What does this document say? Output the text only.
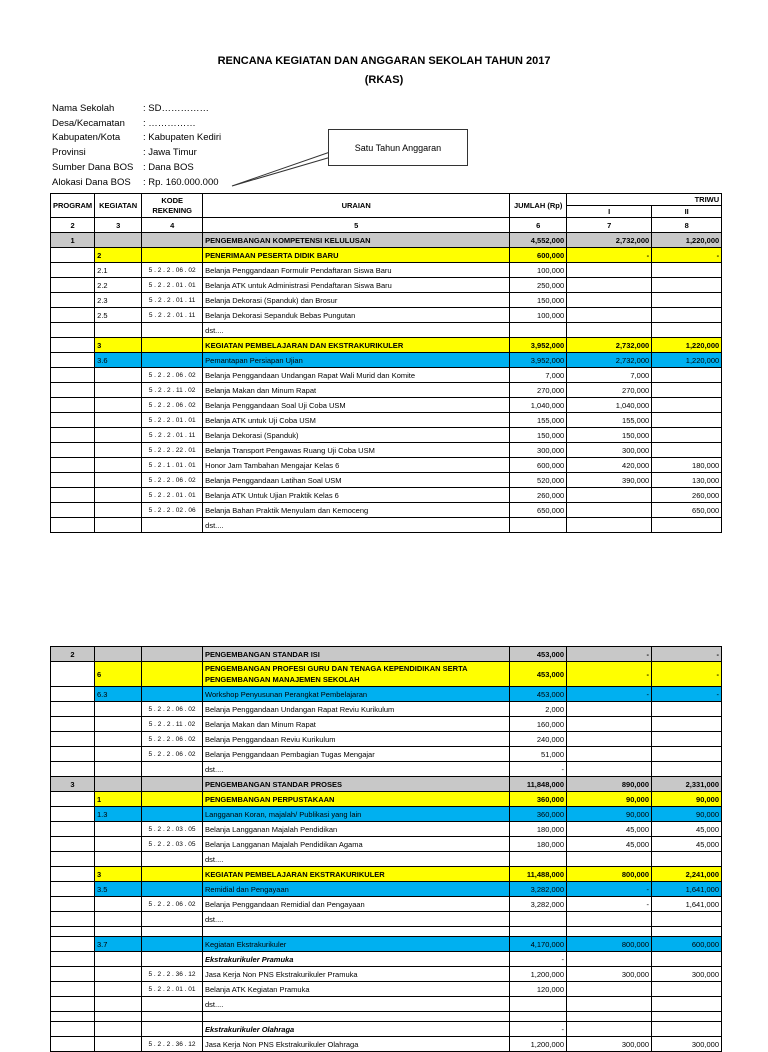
RENCANA KEGIATAN DAN ANGGARAN SEKOLAH TAHUN 2017
(RKAS)
Nama Sekolah	: SD……………
Desa/Kecamatan : ……………
Kabupaten/Kota : Kabupaten Kediri
Provinsi	: Jawa Timur
Sumber Dana BOS : Dana BOS
Alokasi Dana BOS : Rp. 160.000.000
Satu Tahun Anggaran
PROGRAM	KEGIATAN	KODE REKENING	URAIAN	JUMLAH (Rp)	TRIWU	
					I	II
2	3	4	5	6	7	8
1			PENGEMBANGAN KOMPETENSI KELULUSAN	4,552,000	2,732,000	1,220,000
	2		PENERIMAAN PESERTA DIDIK BARU	600,000	-	-
	2.1	5 . 2 . 2 . 06 . 02	Belanja Penggandaan Formulir Pendaftaran Siswa Baru	100,000		
	2.2	5 . 2 . 2 . 01 . 01	Belanja ATK untuk Administrasi Pendaftaran Siswa Baru	250,000		
	2.3	5 . 2 . 2 . 01 . 11	Belanja Dekorasi (Spanduk) dan Brosur	150,000		
	2.5	5 . 2 . 2 . 01 . 11	Belanja Dekorasi Sepanduk Bebas Pungutan	100,000		
			dst....			
	3		KEGIATAN PEMBELAJARAN DAN EKSTRAKURIKULER	3,952,000	2,732,000	1,220,000
	3.6		Pemantapan Persiapan Ujian	3,952,000	2,732,000	1,220,000
		5 . 2 . 2 . 06 . 02	Belanja Penggandaan Undangan Rapat Wali Murid dan Komite	7,000	7,000	
		5 . 2 . 2 . 11 . 02	Belanja Makan dan Minum Rapat	270,000	270,000	
		5 . 2 . 2 . 06 . 02	Belanja Penggandaan Soal Uji Coba USM	1,040,000	1,040,000	
		5 . 2 . 2 . 01 . 01	Belanja ATK untuk Uji Coba USM	155,000	155,000	
		5 . 2 . 2 . 01 . 11	Belanja Dekorasi (Spanduk)	150,000	150,000	
		5 . 2 . 2 . 22 . 01	Belanja Transport Pengawas Ruang Uji Coba USM	300,000	300,000	
		5 . 2 . 1 . 01 . 01	Honor Jam Tambahan Mengajar Kelas 6	600,000	420,000	180,000
		5 . 2 . 2 . 06 . 02	Belanja Penggandaan Latihan Soal USM	520,000	390,000	130,000
		5 . 2 . 2 . 01 . 01	Belanja ATK Untuk Ujian Praktik Kelas 6	260,000		260,000
		5 . 2 . 2 . 02 . 06	Belanja Bahan Praktik Menyulam dan Kemoceng	650,000		650,000
			dst....			
2			PENGEMBANGAN STANDAR ISI	453,000	-	-
	6		PENGEMBANGAN PROFESI GURU DAN TENAGA KEPENDIDIKAN SERTA
PENGEMBANGAN MANAJEMEN SEKOLAH	453,000	-	-
	6.3		Workshop Penyusunan Perangkat Pembelajaran	453,000	-	-
		5 . 2 . 2 . 06 . 02	Belanja Penggandaan Undangan Rapat Reviu Kurikulum	2,000		
		5 . 2 . 2 . 11 . 02	Belanja Makan dan Minum Rapat	160,000		
		5 . 2 . 2 . 06 . 02	Belanja Penggandaan Reviu Kurikulum	240,000		
		5 . 2 . 2 . 06 . 02	Belanja Penggandaan Pembagian Tugas Mengajar	51,000		
			dst....	-		
3			PENGEMBANGAN STANDAR PROSES	11,848,000	890,000	2,331,000
	1		PENGEMBANGAN PERPUSTAKAAN	360,000	90,000	90,000
	1.3		Langganan Koran, majalah/ Publikasi yang lain	360,000	90,000	90,000
		5 . 2 . 2 . 03 . 05	Belanja Langganan Majalah Pendidikan	180,000	45,000	45,000
		5 . 2 . 2 . 03 . 05	Belanja Langganan Majalah Pendidikan Agama	180,000	45,000	45,000
			dst....			
	3		KEGIATAN PEMBELAJARAN EKSTRAKURIKULER	11,488,000	800,000	2,241,000
	3.5		Remidial dan Pengayaan	3,282,000	-	1,641,000
		5 . 2 . 2 . 06 . 02	Belanja Penggandaan Remidial dan Pengayaan	3,282,000	-	1,641,000
			dst....			

	3.7		Kegiatan Ekstrakurikuler	4,170,000	800,000	600,000
			Ekstrakurikuler Pramuka	-		
		5 . 2 . 2 . 36 . 12	Jasa Kerja Non PNS Ekstrakurikuler Pramuka	1,200,000	300,000	300,000
		5 . 2 . 2 . 01 . 01	Belanja ATK Kegiatan Pramuka	120,000		
			dst....			

			Ekstrakurikuler Olahraga	-		
		5 . 2 . 2 . 36 . 12	Jasa Kerja Non PNS Ekstrakurikuler Olahraga	1,200,000	300,000	300,000
